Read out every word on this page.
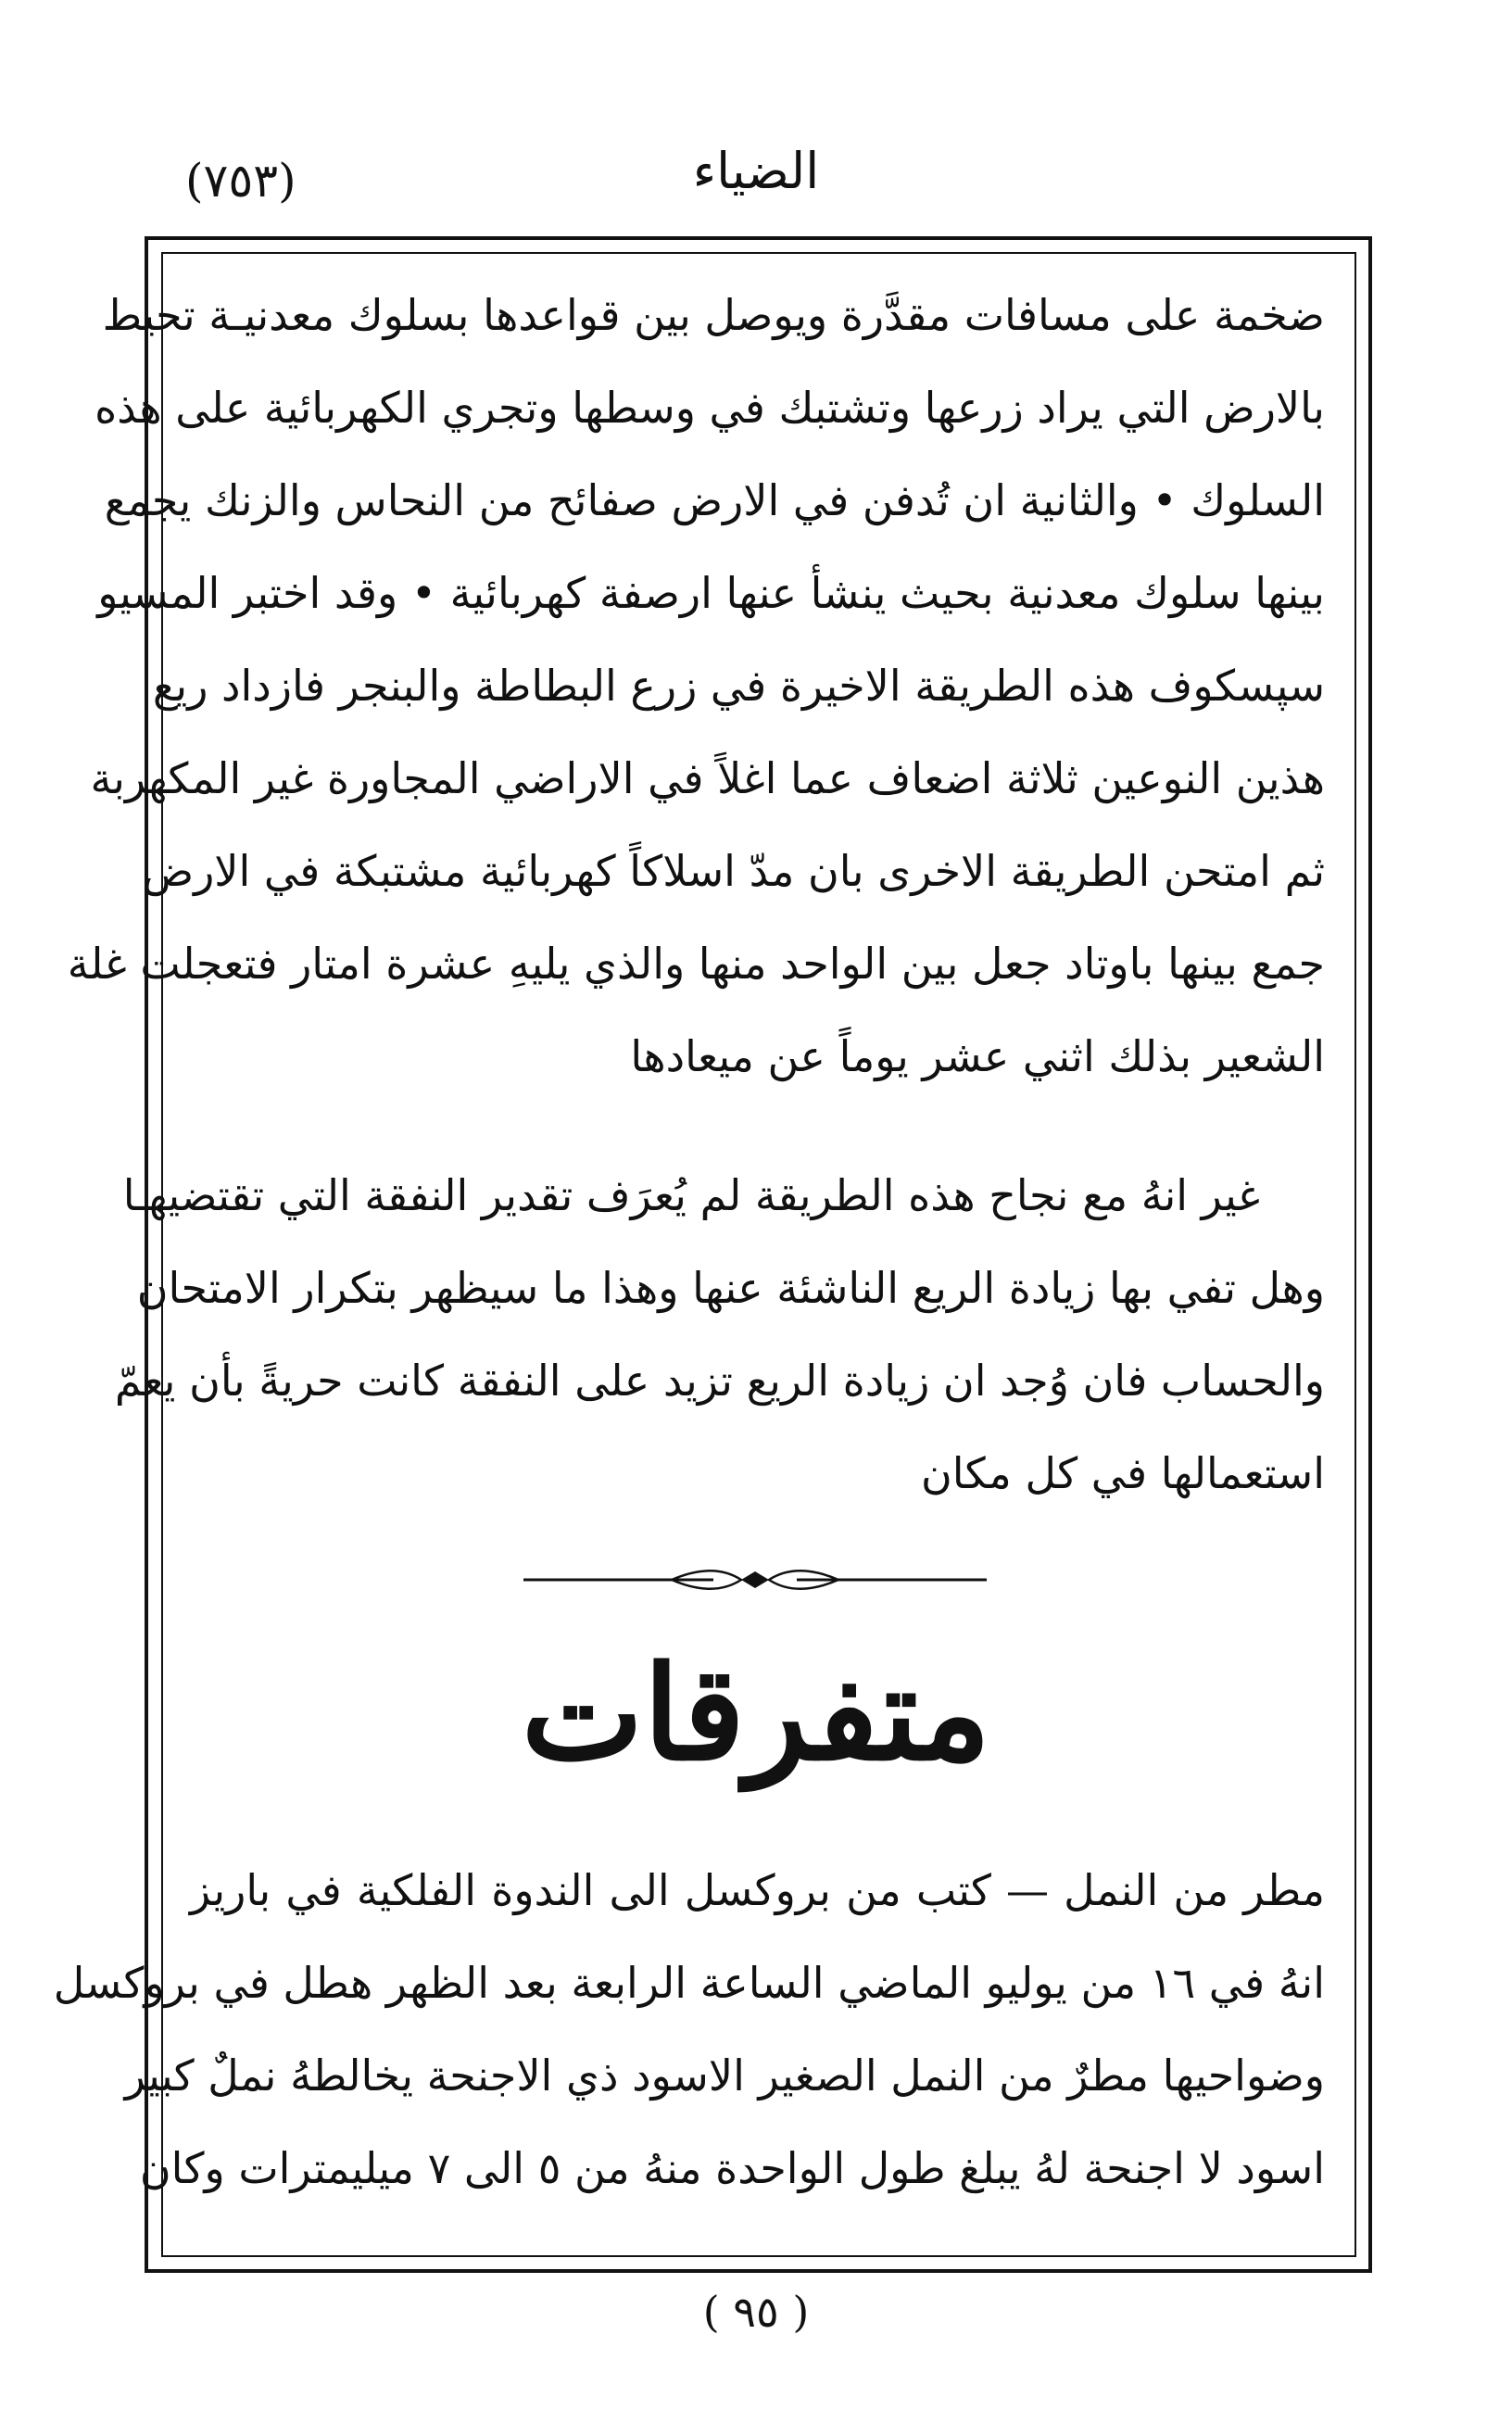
الضياء
(٧٥٣)
ضخمة على مسافات مقدَّرة ويوصل بين قواعدها بسلوك معدنيـة تحيط
بالارض التي يراد زرعها وتشتبك في وسطها وتجري الكهربائية على هذه
السلوك • والثانية ان تُدفن في الارض صفائح من النحاس والزنك يجمع
بينها سلوك معدنية بحيث ينشأ عنها ارصفة كهربائية • وقد اختبر المسيو
سپسكوف هذه الطريقة الاخيرة في زرع البطاطة والبنجر فازداد ريع
هذين النوعين ثلاثة اضعاف عما اغلاً في الاراضي المجاورة غير المكهربة
ثم امتحن الطريقة الاخرى بان مدّ اسلاكاً كهربائية مشتبكة في الارض
جمع بينها باوتاد جعل بين الواحد منها والذي يليهِ عشرة امتار فتعجلت غلة
الشعير بذلك اثني عشر يوماً عن ميعادها
غير انهُ مع نجاح هذه الطريقة لم يُعرَف تقدير النفقة التي تقتضيهـا
وهل تفي بها زيادة الريع الناشئة عنها وهذا ما سيظهر بتكرار الامتحان
والحساب فان وُجد ان زيادة الريع تزيد على النفقة كانت حريةً بأن يعمّ
استعمالها في كل مكان
متفرقات
مطر من النمل — كتب من بروكسل الى الندوة الفلكية في باريز
انهُ في ١٦ من يوليو الماضي الساعة الرابعة بعد الظهر هطل في بروكسل
وضواحيها مطرٌ من النمل الصغير الاسود ذي الاجنحة يخالطهُ نملٌ كبير
اسود لا اجنحة لهُ يبلغ طول الواحدة منهُ من ٥ الى ٧ ميليمترات وكان
( ٩٥ )
